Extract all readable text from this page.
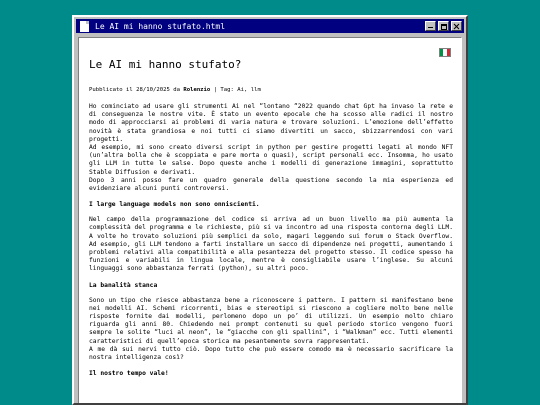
Le AI mi hanno stufato.html
Le AI mi hanno stufato?
Pubblicato il 28/10/2025 da Rolenzio | Tag: Ai, llm

Ho cominciato ad usare gli strumenti Ai nel “lontano “2022 quando chat Gpt ha invaso la rete e di conseguenza le nostre vite. È stato un evento epocale che ha scosso alle radici il nostro modo di approcciarsi ai problemi di varia natura e trovare soluzioni. L’emozione dell’effetto novità è stata grandiosa e noi tutti ci siamo divertiti un sacco, sbizzarrendosi con vari progetti.

Ad esempio, mi sono creato diversi script in python per gestire progetti legati al mondo NFT (un’altra bolla che è scoppiata e pare morta o quasi), script personali ecc. Insomma, ho usato gli LLM in tutte le salse. Dopo queste anche i modelli di generazione immagini, soprattutto Stable Diffusion e derivati.

Dopo 3 anni posso fare un quadro generale della questione secondo la mia esperienza ed evidenziare alcuni punti controversi.

I large language models non sono onniscienti.

Nel campo della programmazione del codice si arriva ad un buon livello ma più aumenta la complessità del programma e le richieste, più si va incontro ad una risposta contorna degli LLM. A volte ho trovato soluzioni più semplici da solo, magari leggendo sui forum o Stack Overflow. Ad esempio, gli LLM tendono a farti installare un sacco di dipendenze nei progetti, aumentando i problemi relativi alla compatibilità e alla pesantezza del progetto stesso. Il codice spesso ha funzioni e variabili in lingua locale, mentre è consigliabile usare l’inglese. Su alcuni linguaggi sono abbastanza ferrati (python), su altri poco.

La banalità stanca

Sono un tipo che riesce abbastanza bene a riconoscere i pattern. I pattern si manifestano bene nei modelli AI. Schemi ricorrenti, bias e stereotipi si riescono a cogliere molto bene nelle risposte fornite dai modelli, perlomeno dopo un po’ di utilizzi. Un esempio molto chiaro riguarda gli anni 80. Chiedendo nei prompt contenuti su quel periodo storico vengono fuori sempre le solite “luci al neon”, le “giacche con gli spallini”, i “Walkman” ecc. Tutti elementi caratteristici di quell’epoca storica ma pesantemente sovra rappresentati.

A me dà sui nervi tutto ciò. Dopo tutto che può essere comodo ma è necessario sacrificare la nostra intelligenza così?

Il nostro tempo vale!
